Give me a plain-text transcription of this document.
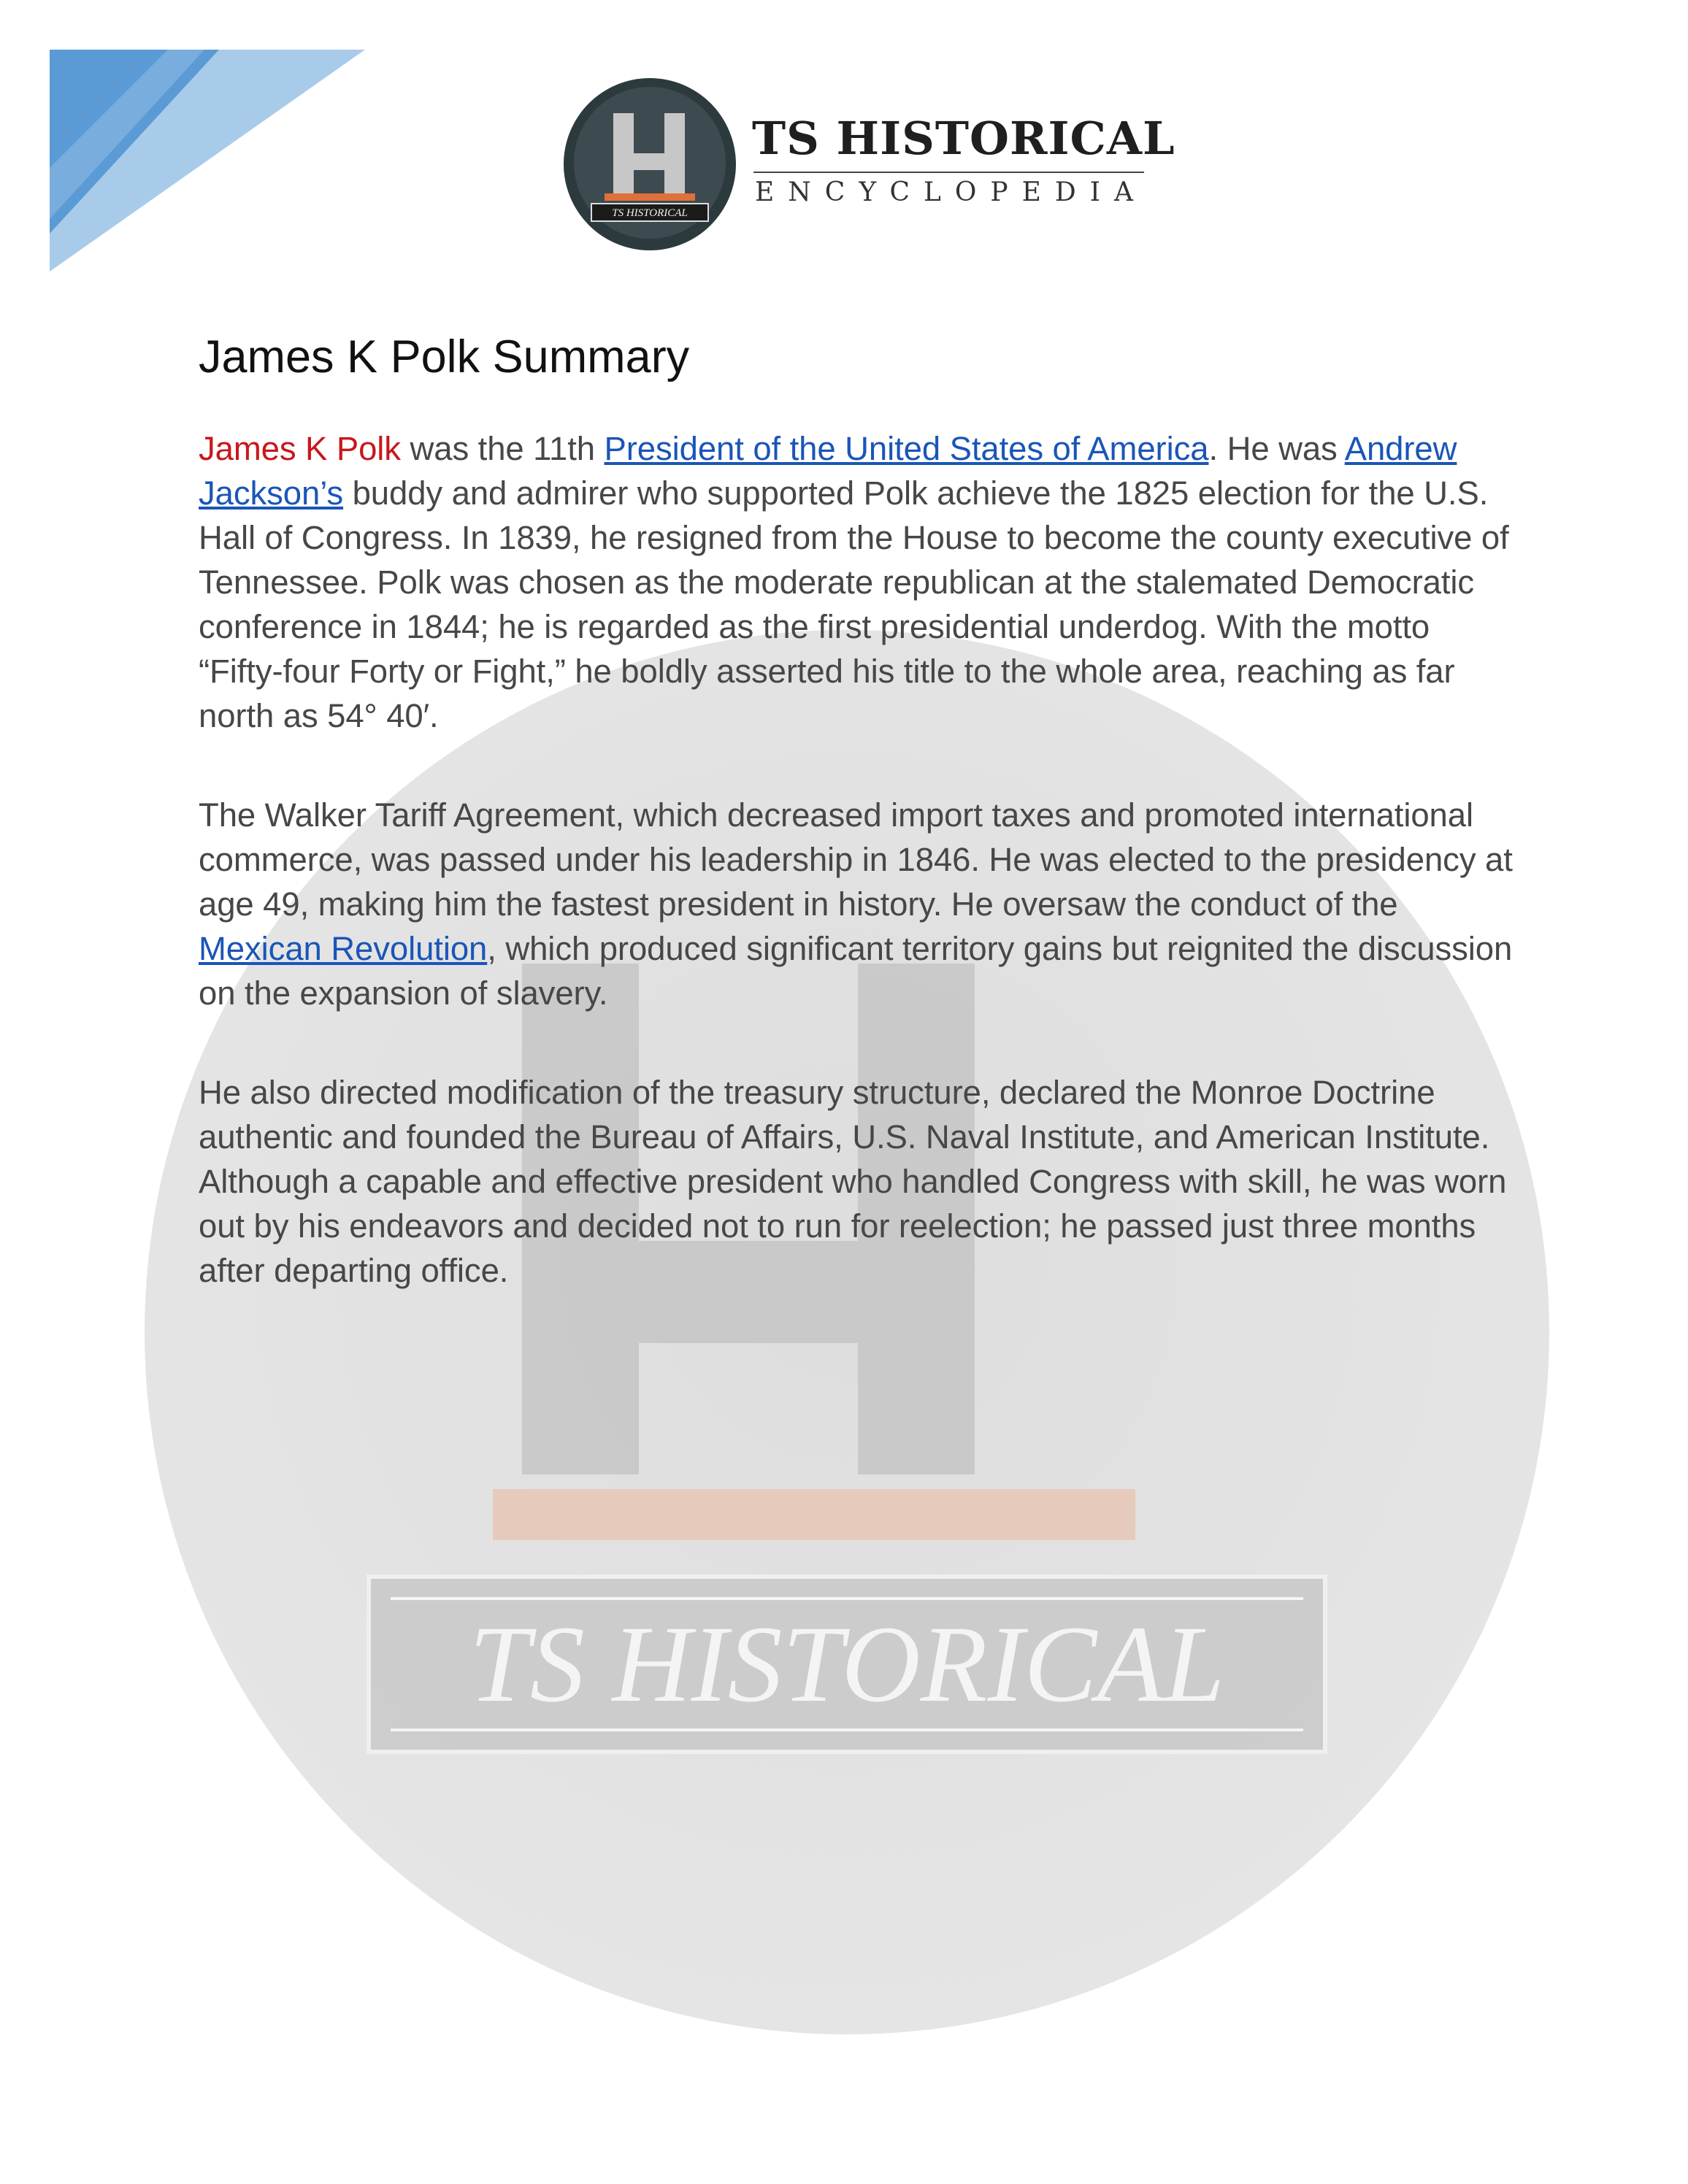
TS HISTORICAL
TS HISTORICAL
TS HISTORICAL
ENCYCLOPEDIA
James K Polk Summary

James K Polk was the 11th President of the United States of America. He was Andrew Jackson’s buddy and admirer who supported Polk achieve the 1825 election for the U.S. Hall of Congress. In 1839, he resigned from the House to become the county executive of Tennessee. Polk was chosen as the moderate republican at the stalemated Democratic conference in 1844; he is regarded as the first presidential underdog. With the motto “Fifty-four Forty or Fight,” he boldly asserted his title to the whole area, reaching as far north as 54° 40′.

The Walker Tariff Agreement, which decreased import taxes and promoted international commerce, was passed under his leadership in 1846. He was elected to the presidency at age 49, making him the fastest president in history. He oversaw the conduct of the Mexican Revolution, which produced significant territory gains but reignited the discussion on the expansion of slavery.

He also directed modification of the treasury structure, declared the Monroe Doctrine authentic and founded the Bureau of Affairs, U.S. Naval Institute, and American Institute. Although a capable and effective president who handled Congress with skill, he was worn out by his endeavors and decided not to run for reelection; he passed just three months after departing office.
